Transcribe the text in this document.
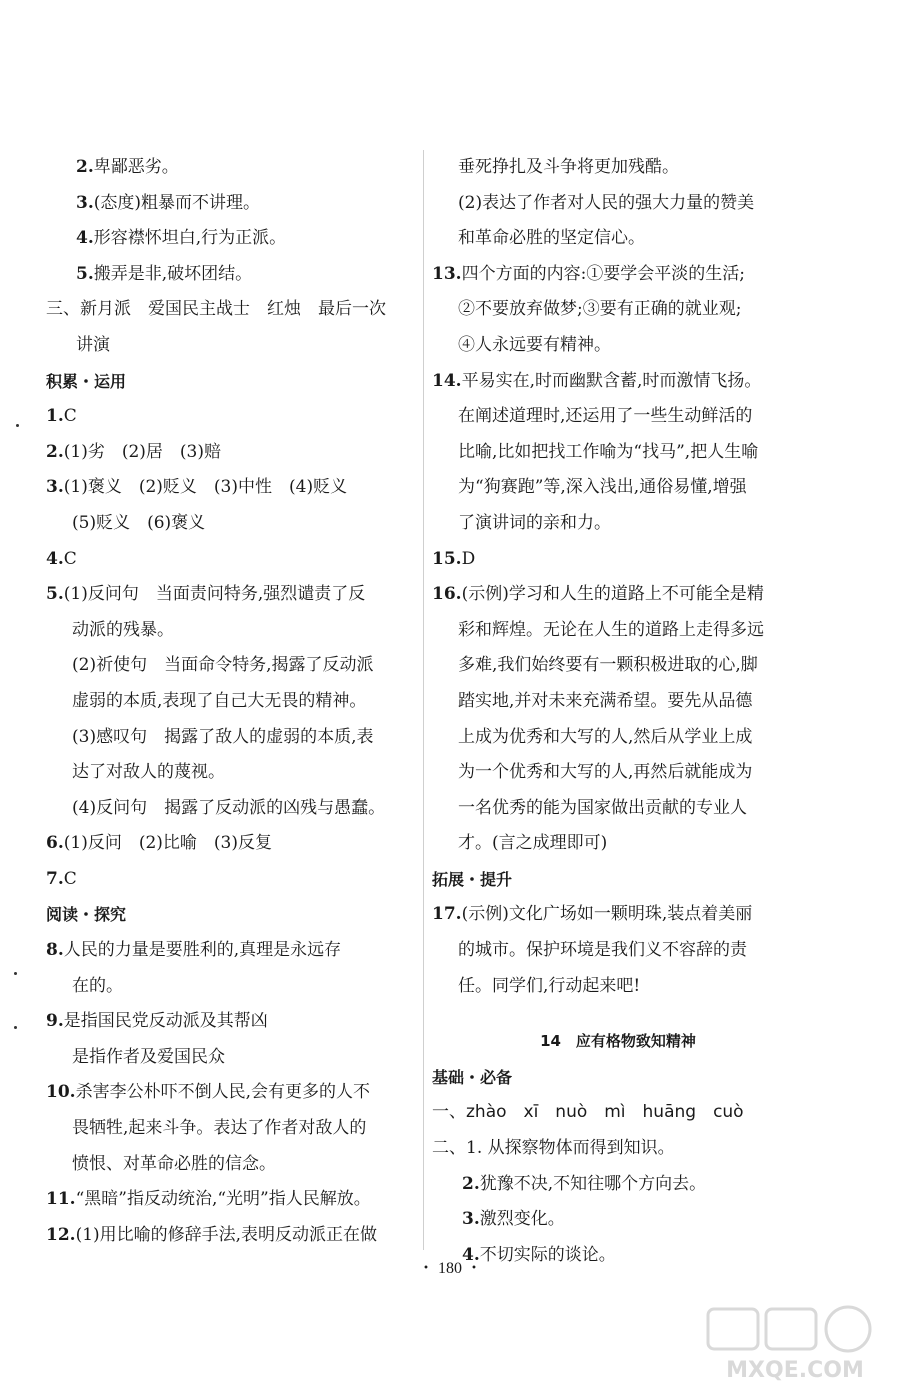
2.卑鄙恶劣。
3.(态度)粗暴而不讲理。
4.形容襟怀坦白,行为正派。
5.搬弄是非,破坏团结。
三、新月派　爱国民主战士　红烛　最后一次
讲演
积累・运用
1.C
2.(1)劣　(2)居　(3)赔
3.(1)褒义　(2)贬义　(3)中性　(4)贬义
(5)贬义　(6)褒义
4.C
5.(1)反问句　当面责问特务,强烈谴责了反
动派的残暴。
(2)祈使句　当面命令特务,揭露了反动派
虚弱的本质,表现了自己大无畏的精神。
(3)感叹句　揭露了敌人的虚弱的本质,表
达了对敌人的蔑视。
(4)反问句　揭露了反动派的凶残与愚蠢。
6.(1)反问　(2)比喻　(3)反复
7.C
阅读・探究
8.人民的力量是要胜利的,真理是永远存
在的。
9.是指国民党反动派及其帮凶
是指作者及爱国民众
10.杀害李公朴吓不倒人民,会有更多的人不
畏牺牲,起来斗争。表达了作者对敌人的
愤恨、对革命必胜的信念。
11.“黑暗”指反动统治,“光明”指人民解放。
12.(1)用比喻的修辞手法,表明反动派正在做
垂死挣扎及斗争将更加残酷。
(2)表达了作者对人民的强大力量的赞美
和革命必胜的坚定信心。
13.四个方面的内容:①要学会平淡的生活;
②不要放弃做梦;③要有正确的就业观;
④人永远要有精神。
14.平易实在,时而幽默含蓄,时而激情飞扬。
在阐述道理时,还运用了一些生动鲜活的
比喻,比如把找工作喻为“找马”,把人生喻
为“狗赛跑”等,深入浅出,通俗易懂,增强
了演讲词的亲和力。
15.D
16.(示例)学习和人生的道路上不可能全是精
彩和辉煌。无论在人生的道路上走得多远
多难,我们始终要有一颗积极进取的心,脚
踏实地,并对未来充满希望。要先从品德
上成为优秀和大写的人,然后从学业上成
为一个优秀和大写的人,再然后就能成为
一名优秀的能为国家做出贡献的专业人
才。(言之成理即可)
拓展・提升
17.(示例)文化广场如一颗明珠,装点着美丽
的城市。保护环境是我们义不容辞的责
任。同学们,行动起来吧!
14　应有格物致知精神
基础・必备
一、zhào　xī　nuò　mì　huāng　cuò
二、1. 从探察物体而得到知识。
2.犹豫不决,不知往哪个方向去。
3.激烈变化。
4.不切实际的谈论。
・ 180 ・
MXQE.COM
